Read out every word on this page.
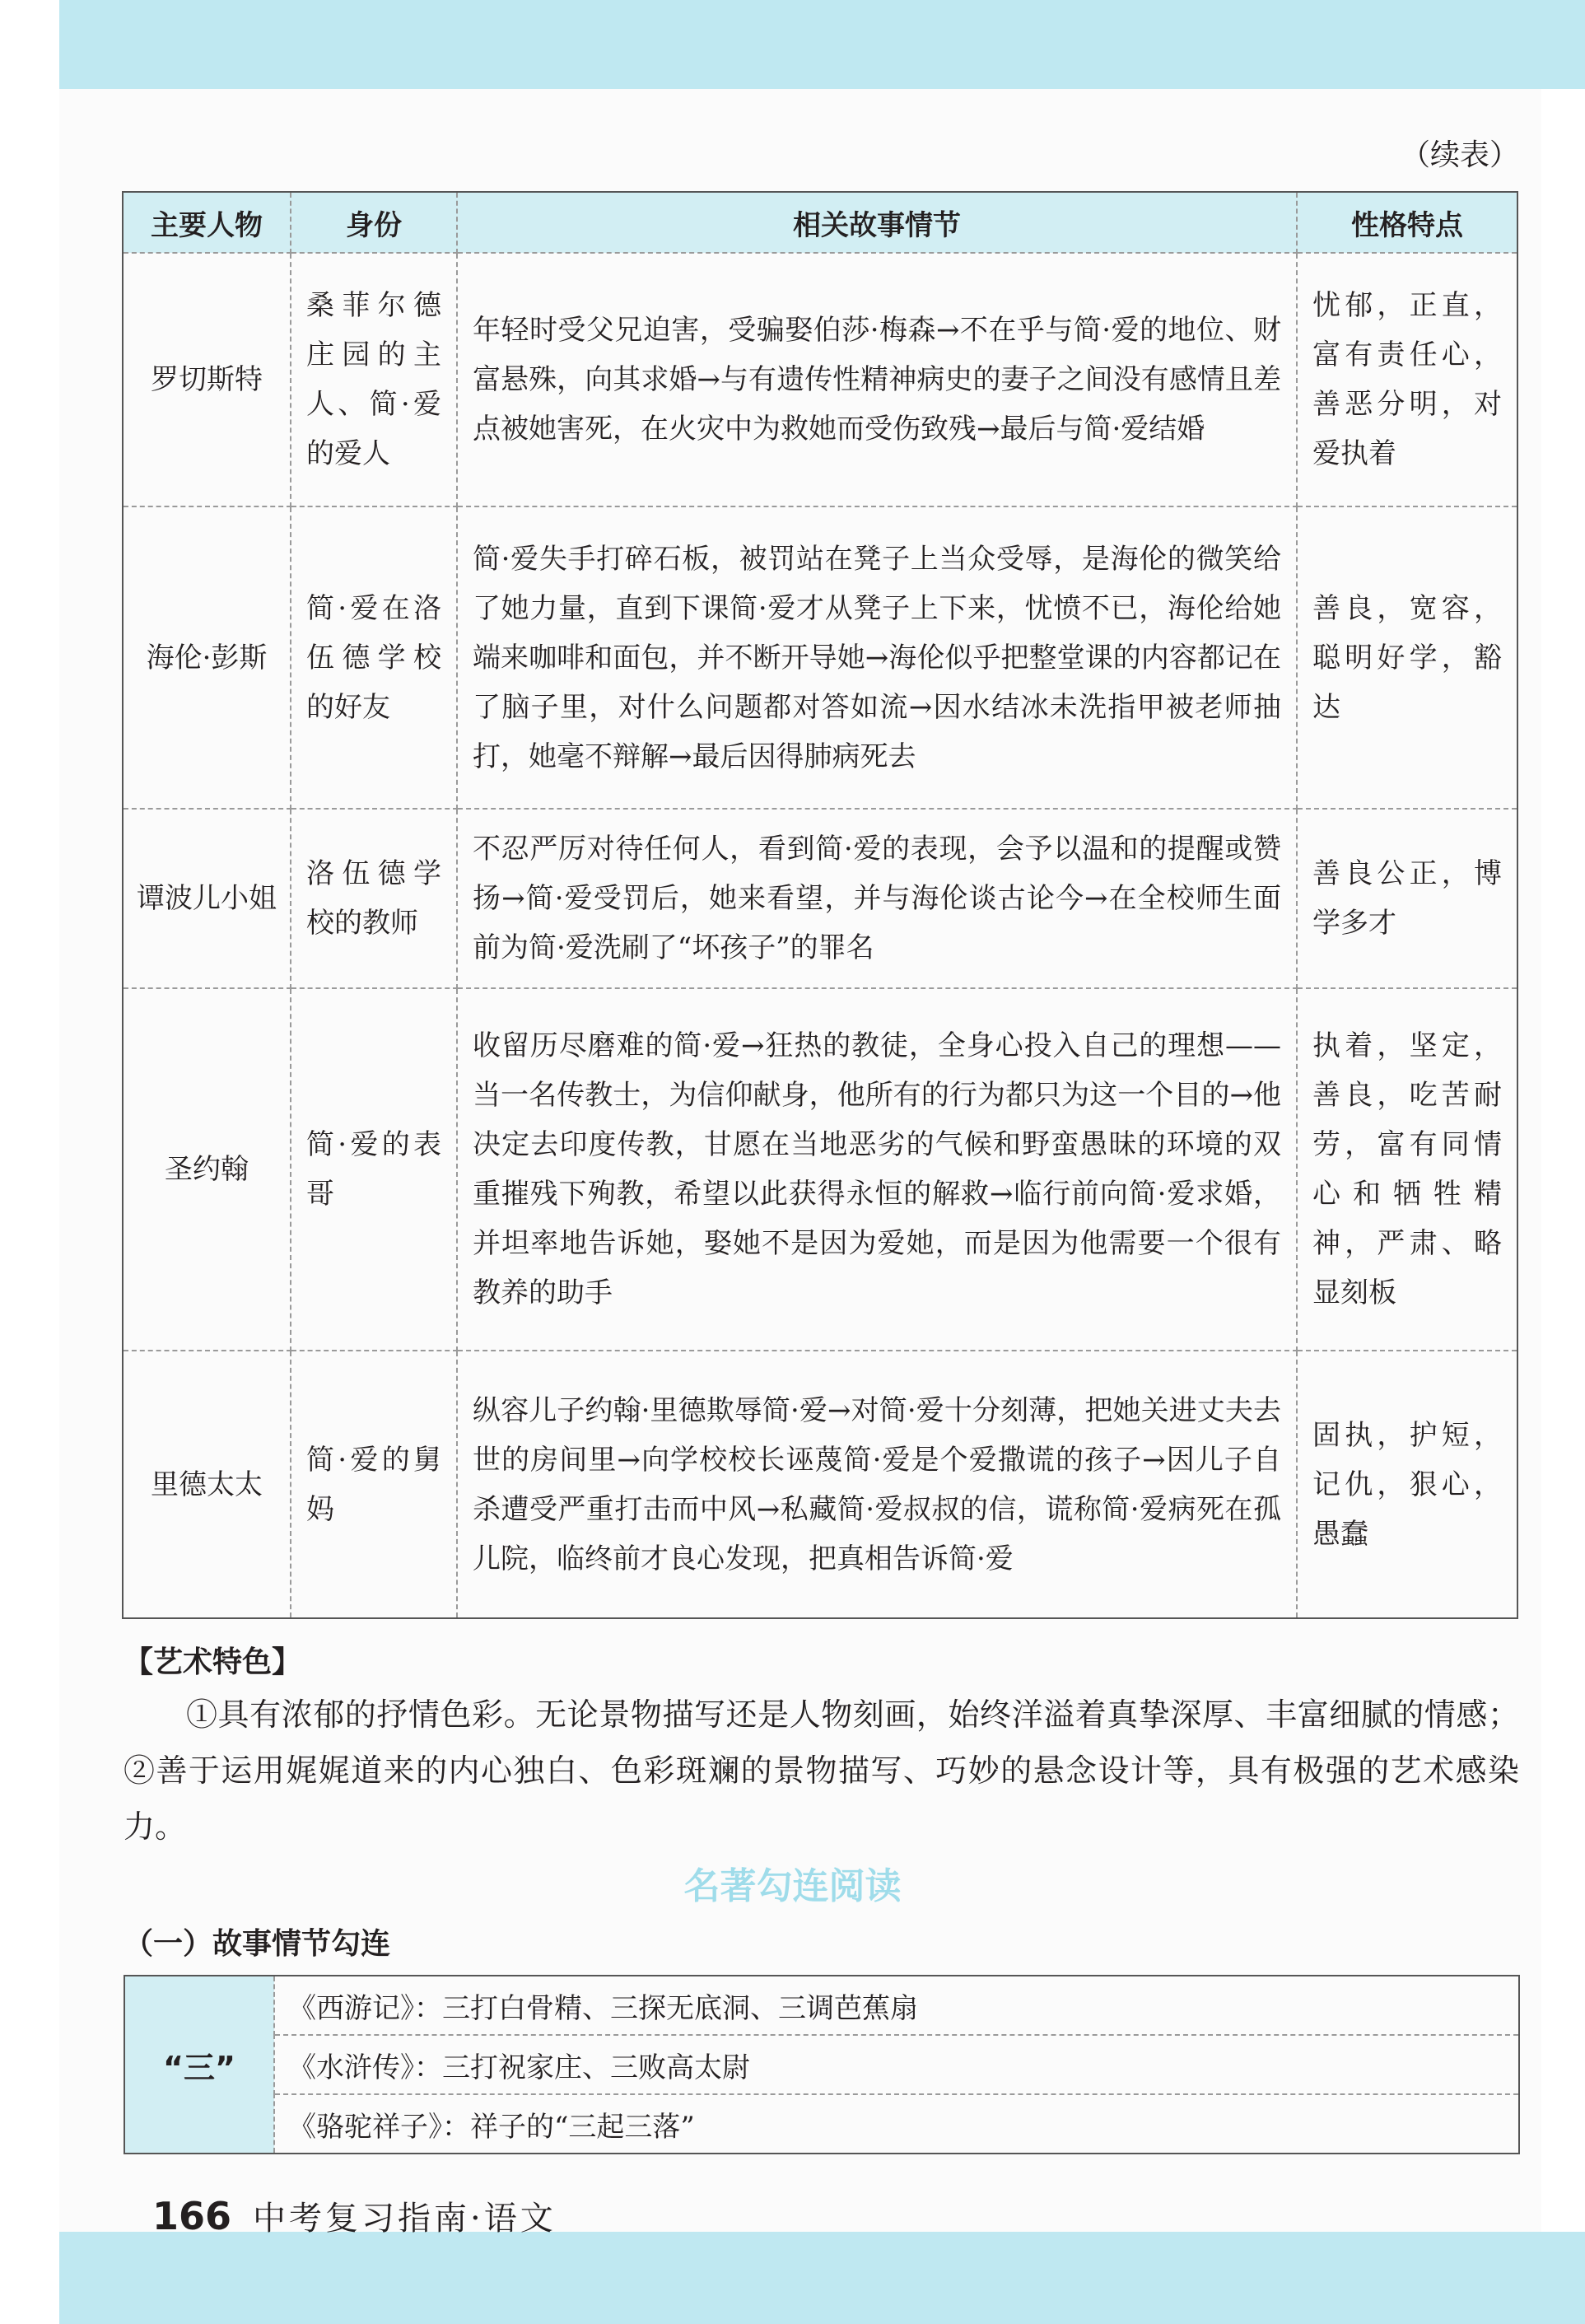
（续表）
主要人物	身份	相关故事情节	性格特点
罗切斯特	桑菲尔德庄园的主人、简·爱的爱人	年轻时受父兄迫害，受骗娶伯莎·梅森→不在乎与简·爱的地位、财富悬殊，向其求婚→与有遗传性精神病史的妻子之间没有感情且差点被她害死，在火灾中为救她而受伤致残→最后与简·爱结婚	忧郁，正直，富有责任心，善恶分明，对爱执着
海伦·彭斯	简·爱在洛伍德学校的好友	简·爱失手打碎石板，被罚站在凳子上当众受辱，是海伦的微笑给了她力量，直到下课简·爱才从凳子上下来，忧愤不已，海伦给她端来咖啡和面包，并不断开导她→海伦似乎把整堂课的内容都记在了脑子里，对什么问题都对答如流→因水结冰未洗指甲被老师抽打，她毫不辩解→最后因得肺病死去	善良，宽容，聪明好学，豁达
谭波儿小姐	洛伍德学校的教师	不忍严厉对待任何人，看到简·爱的表现，会予以温和的提醒或赞扬→简·爱受罚后，她来看望，并与海伦谈古论今→在全校师生面前为简·爱洗刷了“坏孩子”的罪名	善良公正，博学多才
圣约翰	简·爱的表哥	收留历尽磨难的简·爱→狂热的教徒，全身心投入自己的理想——当一名传教士，为信仰献身，他所有的行为都只为这一个目的→他决定去印度传教，甘愿在当地恶劣的气候和野蛮愚昧的环境的双重摧残下殉教，希望以此获得永恒的解救→临行前向简·爱求婚，并坦率地告诉她，娶她不是因为爱她，而是因为他需要一个很有教养的助手	执着，坚定，善良，吃苦耐劳，富有同情心和牺牲精神，严肃、略显刻板
里德太太	简·爱的舅妈	纵容儿子约翰·里德欺辱简·爱→对简·爱十分刻薄，把她关进丈夫去世的房间里→向学校校长诬蔑简·爱是个爱撒谎的孩子→因儿子自杀遭受严重打击而中风→私藏简·爱叔叔的信，谎称简·爱病死在孤儿院，临终前才良心发现，把真相告诉简·爱	固执，护短，记仇，狠心，愚蠢
【艺术特色】
①具有浓郁的抒情色彩。无论景物描写还是人物刻画，始终洋溢着真挚深厚、丰富细腻的情感；②善于运用娓娓道来的内心独白、色彩斑斓的景物描写、巧妙的悬念设计等，具有极强的艺术感染力。
名著勾连阅读
（一）故事情节勾连
“三”	《西游记》：三打白骨精、三探无底洞、三调芭蕉扇
《水浒传》：三打祝家庄、三败高太尉
《骆驼祥子》：祥子的“三起三落”
166 中考复习指南·语文
